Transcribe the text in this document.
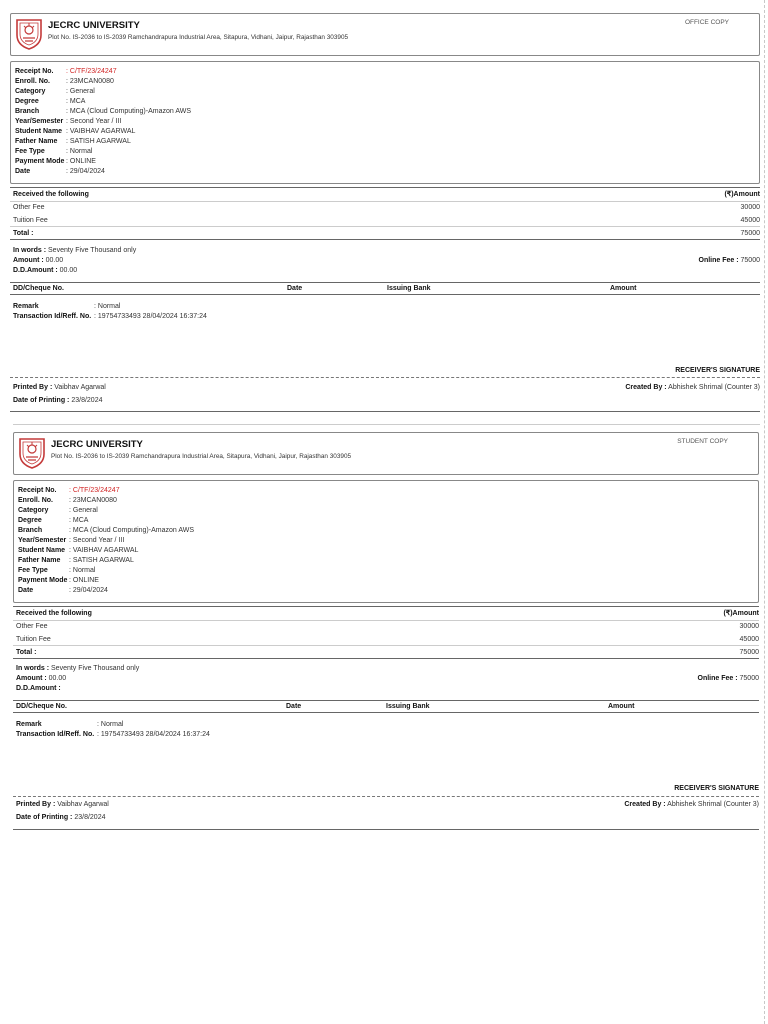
JECRC UNIVERSITY
Plot No. IS-2036 to IS-2039 Ramchandrapura Industrial Area, Sitapura, Vidhani, Jaipur, Rajasthan 303905
OFFICE COPY
Receipt No. : C/TF/23/24247
Enroll. No. : 23MCAN0080
Category	: General
Degree	: MCA
Branch	: MCA (Cloud Computing)-Amazon AWS
Year/Semester : Second Year / III
Student Name : VAIBHAV AGARWAL
Father Name : SATISH AGARWAL
Fee Type	: Normal
Payment Mode : ONLINE
Date	: 29/04/2024
Received the following	(₹)Amount
Other Fee	30000
Tuition Fee	45000
Total :	75000
In words : Seventy Five Thousand only
Amount : 00.00
D.D.Amount : 00.00
Online Fee : 75000
DD/Cheque No.	Date	Issuing Bank	Amount
Remark	: Normal
Transaction Id/Reff. No. : 19754733493 28/04/2024 16:37:24
RECEIVER'S SIGNATURE
Printed By : Vaibhav Agarwal	Created By : Abhishek Shrimal (Counter 3)
Date of Printing : 23/8/2024
JECRC UNIVERSITY
Plot No. IS-2036 to IS-2039 Ramchandrapura Industrial Area, Sitapura, Vidhani, Jaipur, Rajasthan 303905
STUDENT COPY
Receipt No. : C/TF/23/24247
Enroll. No. : 23MCAN0080
Category	: General
Degree	: MCA
Branch	: MCA (Cloud Computing)-Amazon AWS
Year/Semester : Second Year / III
Student Name : VAIBHAV AGARWAL
Father Name : SATISH AGARWAL
Fee Type	: Normal
Payment Mode : ONLINE
Date	: 29/04/2024
Received the following	(₹)Amount
Other Fee	30000
Tuition Fee	45000
Total :	75000
In words : Seventy Five Thousand only
Amount : 00.00
D.D.Amount :
Online Fee : 75000
DD/Cheque No.	Date	Issuing Bank	Amount
Remark	: Normal
Transaction Id/Reff. No. : 19754733493 28/04/2024 16:37:24
RECEIVER'S SIGNATURE
Printed By : Vaibhav Agarwal	Created By : Abhishek Shrimal (Counter 3)
Date of Printing : 23/8/2024
